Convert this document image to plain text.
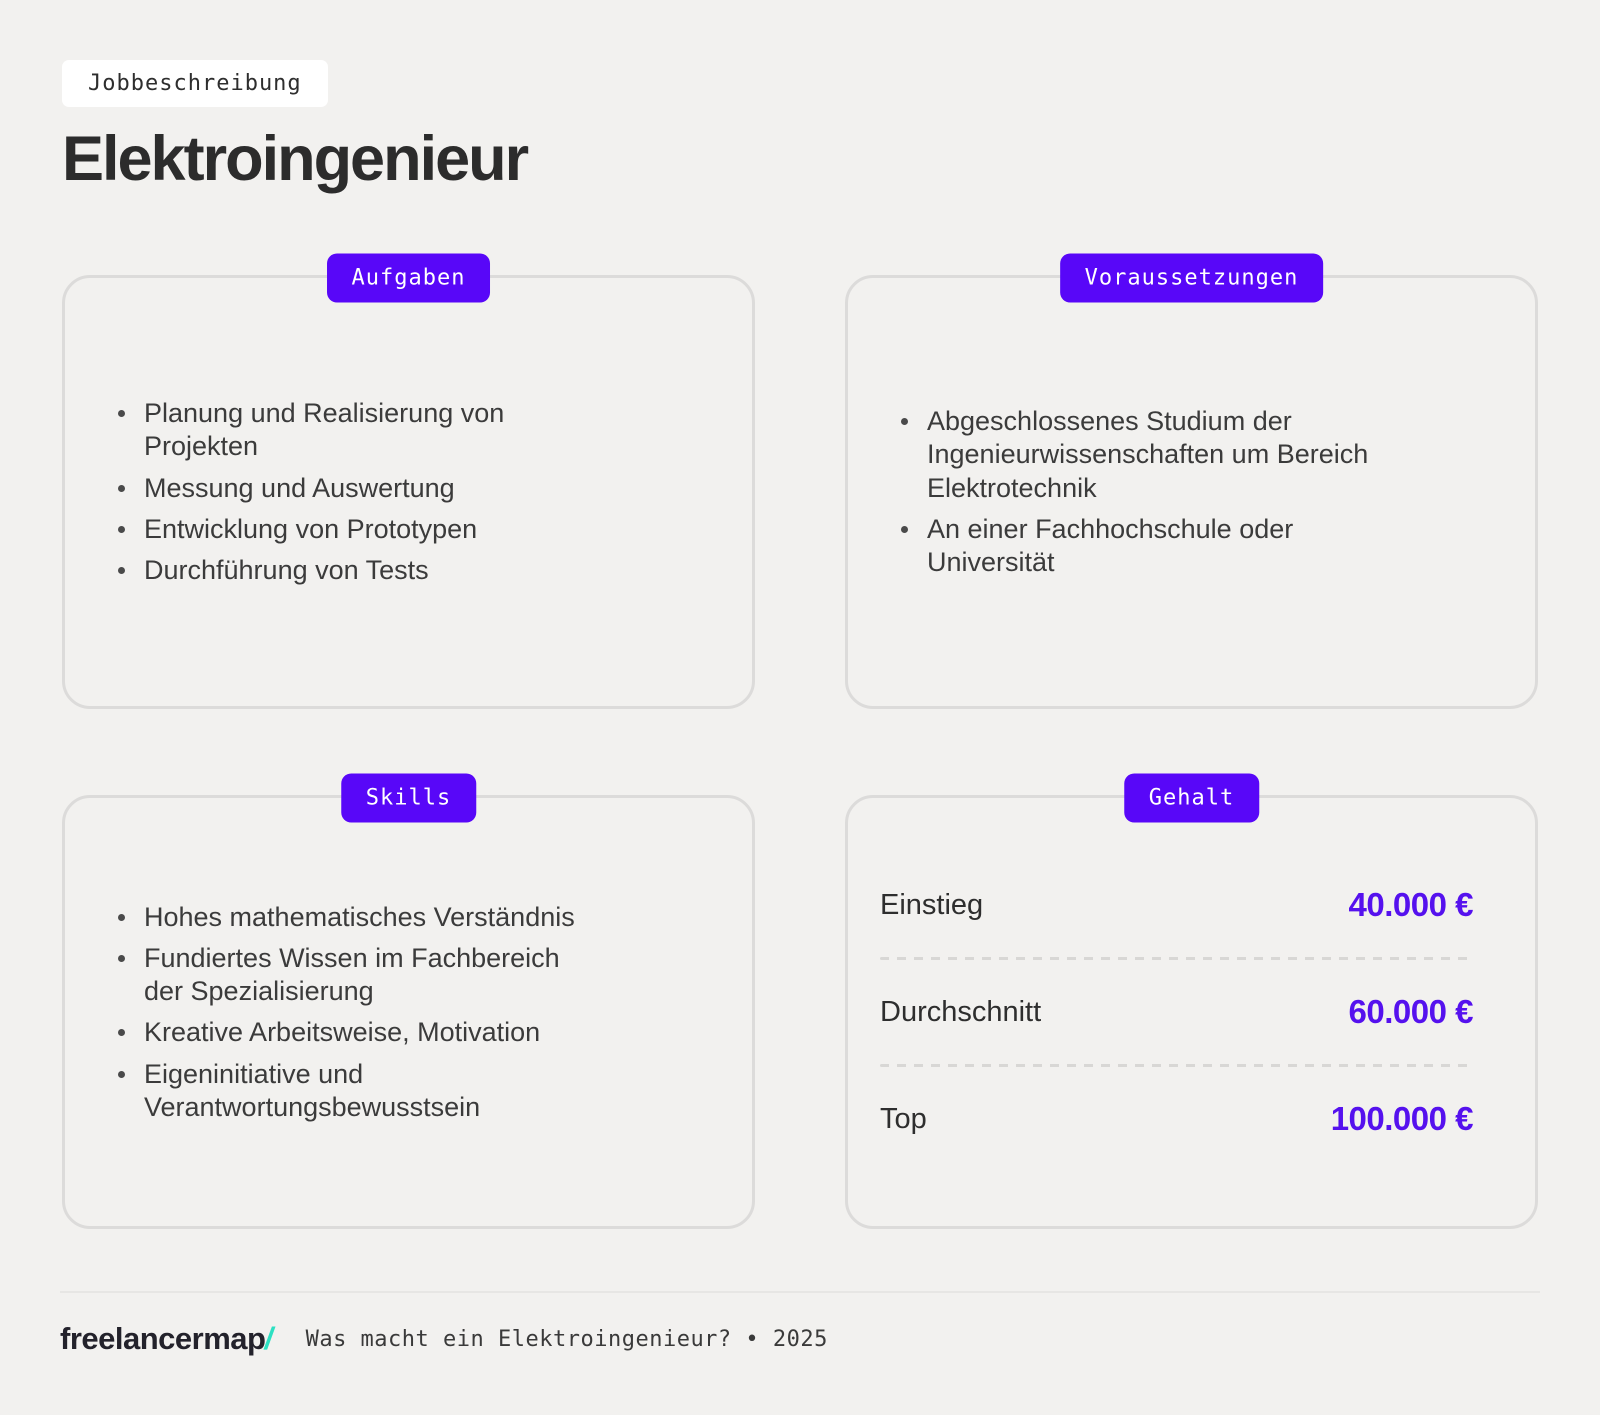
Jobbeschreibung
Elektroingenieur
Aufgaben
Planung und Realisierung von Projekten
Messung und Auswertung
Entwicklung von Prototypen
Durchführung von Tests
Voraussetzungen
Abgeschlossenes Studium der Ingenieurwissenschaften um Bereich Elektrotechnik
An einer Fachhochschule oder Universität
Skills
Hohes mathematisches Verständnis
Fundiertes Wissen im Fachbereich der Spezialisierung
Kreative Arbeitsweise, Motivation
Eigeninitiative und Verantwortungsbewusstsein
Gehalt
Einstieg	40.000 €
Durchschnitt	60.000 €
Top	100.000 €
freelancermap/ Was macht ein Elektroingenieur? • 2025
